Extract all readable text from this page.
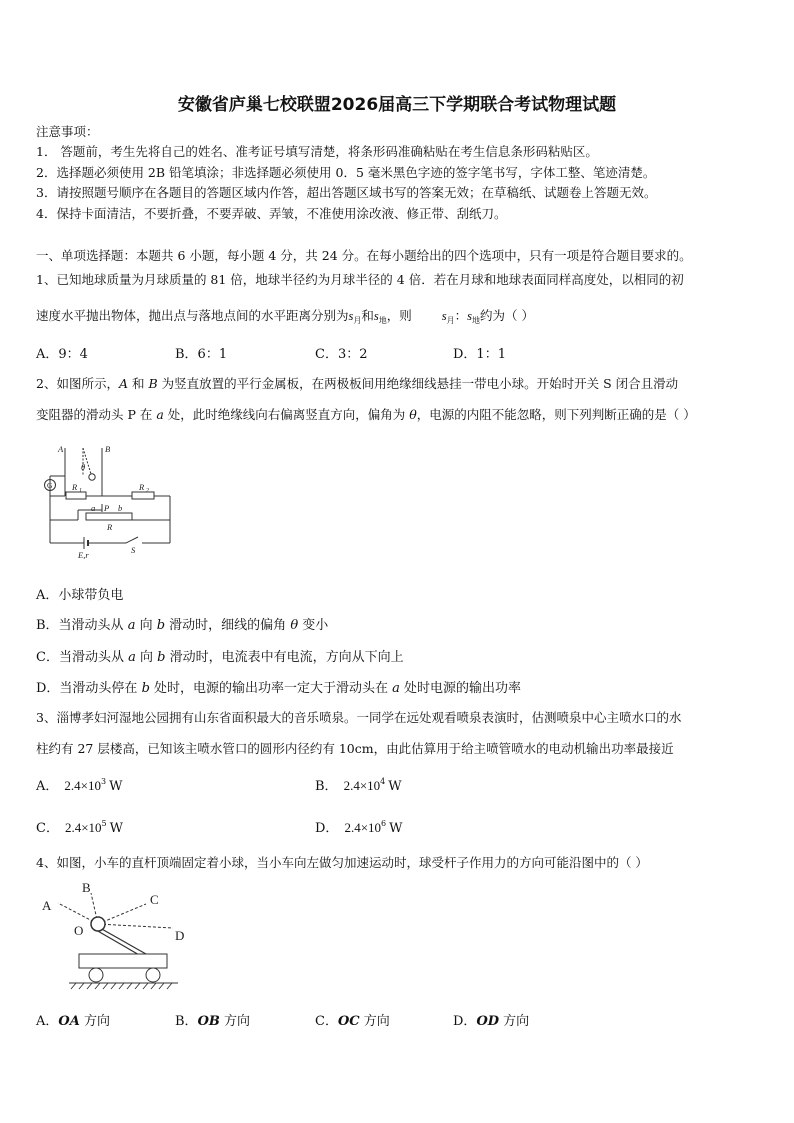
安徽省庐巢七校联盟2026届高三下学期联合考试物理试题
注意事项：
1． 答题前，考生先将自己的姓名、准考证号填写清楚，将条形码准确粘贴在考生信息条形码粘贴区。
2．选择题必须使用 2B 铅笔填涂；非选择题必须使用 0．5 毫米黑色字迹的签字笔书写，字体工整、笔迹清楚。
3．请按照题号顺序在各题目的答题区域内作答，超出答题区域书写的答案无效；在草稿纸、试题卷上答题无效。
4．保持卡面清洁，不要折叠，不要弄破、弄皱，不准使用涂改液、修正带、刮纸刀。
一、单项选择题：本题共 6 小题，每小题 4 分，共 24 分。在每小题给出的四个选项中，只有一项是符合题目要求的。
1、已知地球质量为月球质量的 81 倍，地球半径约为月球半径的 4 倍．若在月球和地球表面同样高度处，以相同的初
速度水平抛出物体，抛出点与落地点间的水平距离分别为$s_月$和$s_地$，则 $s_月$：$s_地$约为（ ）
A．9：4	B．6：1	C．3：2	D．1：1
2、如图所示，A 和 B 为竖直放置的平行金属板，在两极板间用绝缘细线悬挂一带电小球。开始时开关 S 闭合且滑动
变阻器的滑动头 P 在 a 处，此时绝缘线向右偏离竖直方向，偏角为 θ，电源的内阻不能忽略，则下列判断正确的是（ ）
A	B
θ
R 1	R 2
a P b
R
E,r	S
G
A．小球带负电
B．当滑动头从 a 向 b 滑动时，细线的偏角 θ 变小
C．当滑动头从 a 向 b 滑动时，电流表中有电流，方向从下向上
D．当滑动头停在 b 处时，电源的输出功率一定大于滑动头在 a 处时电源的输出功率
3、淄博孝妇河湿地公园拥有山东省面积最大的音乐喷泉。一同学在远处观看喷泉表演时，估测喷泉中心主喷水口的水
柱约有 27 层楼高，已知该主喷水管口的圆形内径约有 10cm，由此估算用于给主喷管喷水的电动机输出功率最接近
A． $2.4\times 10^3$ W	B． $2.4\times 10^4$ W
C． $2.4\times 10^5$ W	D． $2.4\times 10^6$ W
4、如图，小车的直杆顶端固定着小球，当小车向左做匀加速运动时，球受杆子作用力的方向可能沿图中的（ ）
A
B
C
D
O
A．OA 方向	B．OB 方向	C．OC 方向	D．OD 方向
